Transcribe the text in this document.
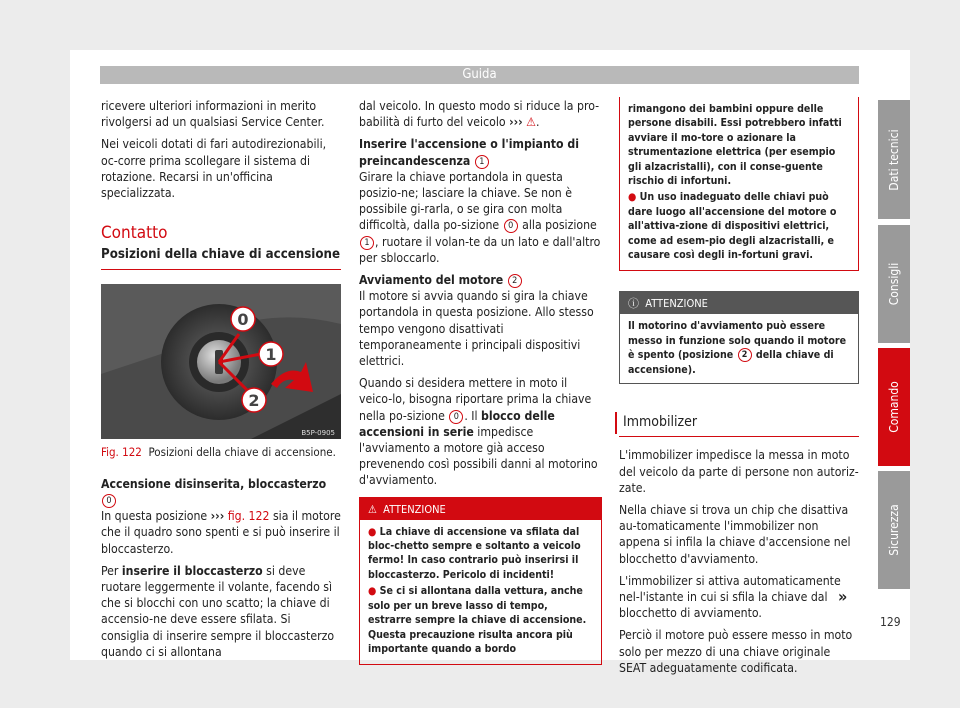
Guida

ricevere ulteriori informazioni in merito rivolgersi ad un qualsiasi Service Center.

Nei veicoli dotati di fari autodirezionabili, oc-corre prima scollegare il sistema di rotazione. Recarsi in un'officina specializzata.

Contatto
Posizioni della chiave di accensione
0
1
2
B5P-0905
Fig. 122 Posizioni della chiave di accensione.

Accensione disinserita, bloccasterzo 0
In questa posizione ››› fig. 122 sia il motore che il quadro sono spenti e si può inserire il bloccasterzo.

Per inserire il bloccasterzo si deve ruotare leggermente il volante, facendo sì che si blocchi con uno scatto; la chiave di accensio-ne deve essere sfilata. Si consiglia di inserire sempre il bloccasterzo quando ci si allontana

dal veicolo. In questo modo si riduce la pro-babilità di furto del veicolo ››› ⚠.

Inserire l'accensione o l'impianto di preincandescenza 1
Girare la chiave portandola in questa posizio-ne; lasciare la chiave. Se non è possibile gi-rarla, o se gira con molta difficoltà, dalla po-sizione 0 alla posizione 1 , ruotare il volan-te da un lato e dall'altro per sbloccarlo.

Avviamento del motore 2
Il motore si avvia quando si gira la chiave portandola in questa posizione. Allo stesso tempo vengono disattivati temporaneamente i principali dispositivi elettrici.

Quando si desidera mettere in moto il veico-lo, bisogna riportare prima la chiave nella po-sizione 0 . Il blocco delle accensioni in serie impedisce l'avviamento a motore già acceso prevenendo così possibili danni al motorino d'avviamento.

⚠ ATTENZIONE
● La chiave di accensione va sfilata dal bloc-chetto sempre e soltanto a veicolo fermo! In caso contrario può inserirsi il bloccasterzo. Pericolo di incidenti!
● Se ci si allontana dalla vettura, anche solo per un breve lasso di tempo, estrarre sempre la chiave di accensione. Questa precauzione risulta ancora più importante quando a bordo
rimangono dei bambini oppure delle persone disabili. Essi potrebbero infatti avviare il mo-tore o azionare la strumentazione elettrica (per esempio gli alzacristalli), con il conse-guente rischio di infortuni.
● Un uso inadeguato delle chiavi può dare luogo all'accensione del motore o all'attiva-zione di dispositivi elettrici, come ad esem-pio degli alzacristalli, e causare così degli in-fortuni gravi.
ⓘ ATTENZIONE
Il motorino d'avviamento può essere messo in funzione solo quando il motore è spento (posizione 2 della chiave di accensione).
Immobilizer

L'immobilizer impedisce la messa in moto del veicolo da parte di persone non autoriz-zate.

Nella chiave si trova un chip che disattiva au-tomaticamente l'immobilizer non appena si infila la chiave d'accensione nel blocchetto d'avviamento.

L'immobilizer si attiva automaticamente nel-l'istante in cui si sfila la chiave dal blocchetto di avviamento.

Perciò il motore può essere messo in moto solo per mezzo di una chiave originale SEAT adeguatamente codificata.

»
Dati tecnici
Consigli
Comando
Sicurezza
129
